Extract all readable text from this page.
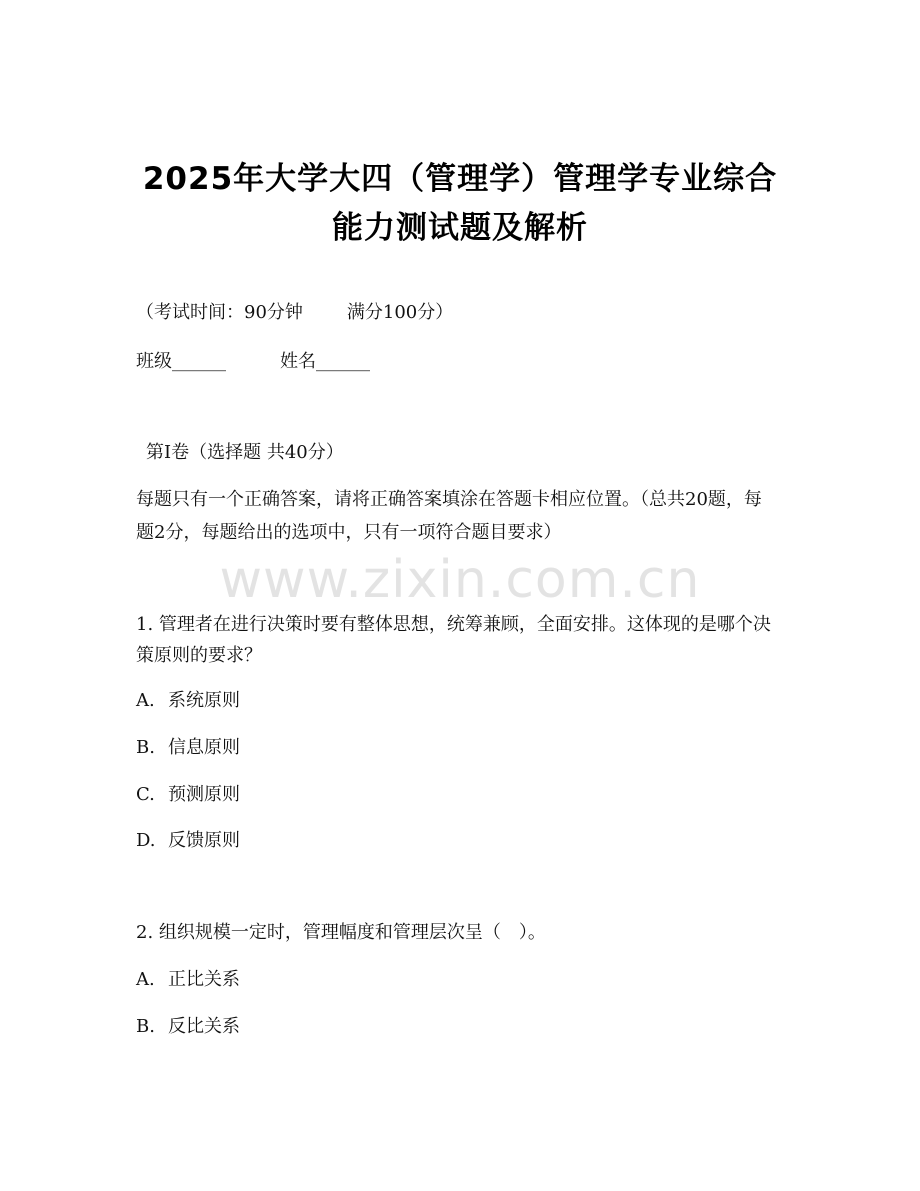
2025年大学大四（管理学）管理学专业综合
能力测试题及解析
（考试时间：90分钟 满分100分）
班级______	姓名______
第I卷（选择题 共40分）
每题只有一个正确答案，请将正确答案填涂在答题卡相应位置。（总共20题，每题2分，每题给出的选项中，只有一项符合题目要求）
www.zixin.com.cn
1. 管理者在进行决策时要有整体思想，统筹兼顾，全面安排。这体现的是哪个决策原则的要求？
A. 系统原则
B. 信息原则
C. 预测原则
D. 反馈原则
2. 组织规模一定时，管理幅度和管理层次呈（　）。
A. 正比关系
B. 反比关系
